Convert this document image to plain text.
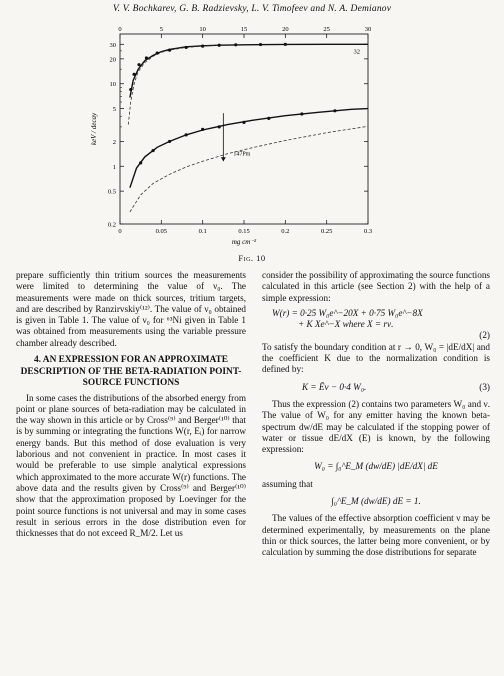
V. V. Bochkarev, G. B. Radzievsky, L. V. Timofeev and N. A. Demianov
30
20
10
5
2
1
0.5
0.2
0	0.05	0.1	0.15	0.2	0.25	0.3
0	5	10	15	20	25	30
mg cm⁻²
keV / decay
32
147Pm
Fig. 10

prepare sufficiently thin tritium sources the measurements were limited to determining the value of ν₀. The measurements were made on thick sources, tritium targets, and are described by Ranzirvskiy⁽¹²⁾. The value of ν₀ obtained is given in Table 1. The value of ν₀ for ⁶³Ni given in Table 1 was obtained from measurements using the variable pressure chamber already described.

4. AN EXPRESSION FOR AN APPROXIMATE DESCRIPTION OF THE BETA-RADIATION POINT-SOURCE FUNCTIONS

In some cases the distributions of the absorbed energy from point or plane sources of beta-radiation may be calculated in the way shown in this article or by Cross⁽⁹⁾ and Berger⁽¹⁰⁾ that is by summing or integrating the functions W(r, Eᵢ) for narrow energy bands. But this method of dose evaluation is very laborious and not convenient in practice. In most cases it would be preferable to use simple analytical expressions which approximated to the more accurate W(r) functions. The above data and the results given by Cross⁽⁹⁾ and Berger⁽¹⁰⁾ show that the approximation proposed by Loevinger for the point source functions is not universal and may in some cases result in serious errors in the dose distribution even for thicknesses that do not exceed R_M/2. Let us

consider the possibility of approximating the source functions calculated in this article (see Section 2) with the help of a simple expression:

W(r) = 0·25 W₀e^−20X + 0·75 W₀e^−8X
+ K Xe^−X where X = rν.
(2)

To satisfy the boundary condition at r → 0, W₀ = |dE/dX| and the coefficient K due to the normalization condition is defined by:

K = Ēν − 0·4 W₀.	(3)

Thus the expression (2) contains two parameters W₀ and ν. The value of W₀ for any emitter having the known beta-spectrum dw/dE may be calculated if the stopping power of water or tissue dE/dX (E) is known, by the following expression:

W₀ = ∫₀^E_M (dw/dE) |dE/dX| dE

assuming that

∫₀^E_M (dw/dE) dE = 1.

The values of the effective absorption coefficient ν may be determined experimentally, by measurements on the plane thin or thick sources, the latter being more convenient, or by calculation by summing the dose distributions for separate
